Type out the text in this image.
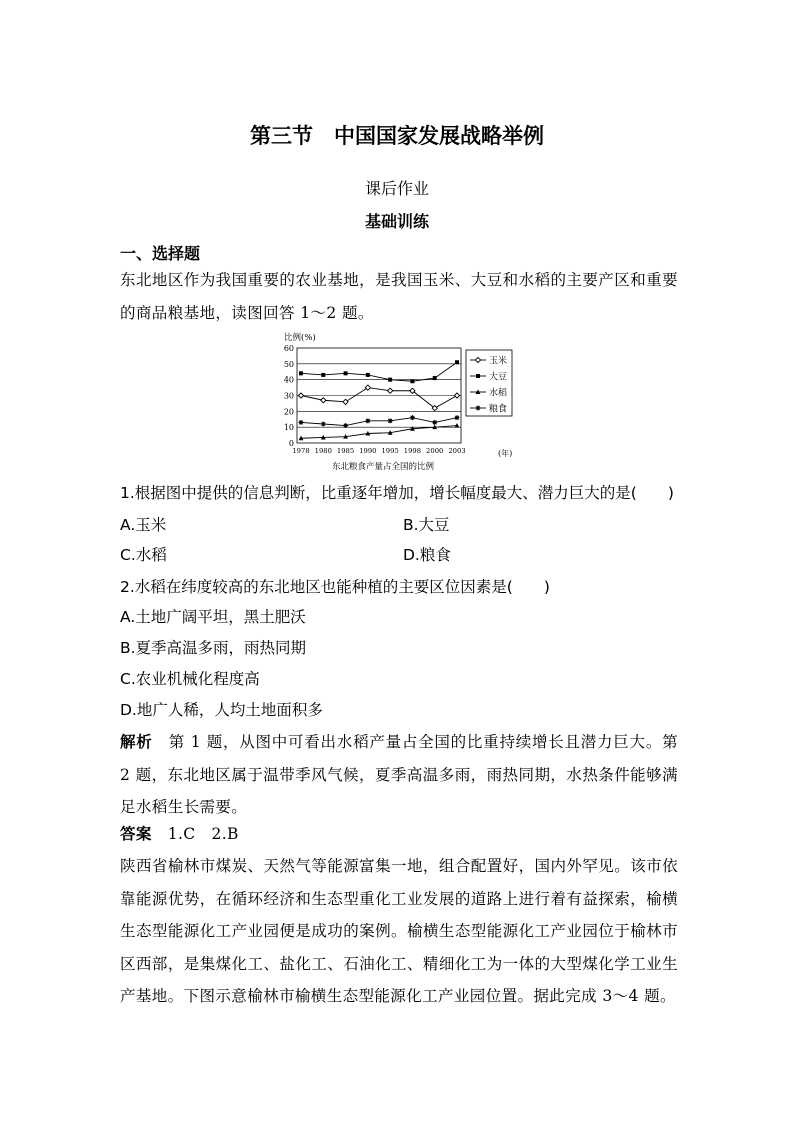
第三节　中国国家发展战略举例
课后作业
基础训练
一、选择题
东北地区作为我国重要的农业基地，是我国玉米、大豆和水稻的主要产区和重要的商品粮基地，读图回答 1～2 题。
比例(%)
60
50
40
30
20
10
0
1978 1980 1985 1990 1995 1998 2000 2003
玉米
大豆
水稻
粮食
(年)
东北粮食产量占全国的比例
1.根据图中提供的信息判断，比重逐年增加，增长幅度最大、潜力巨大的是(　　)
A.玉米	B.大豆
C.水稻	D.粮食
2.水稻在纬度较高的东北地区也能种植的主要区位因素是(　　)
A.土地广阔平坦，黑土肥沃
B.夏季高温多雨，雨热同期
C.农业机械化程度高
D.地广人稀，人均土地面积多
解析　第 1 题，从图中可看出水稻产量占全国的比重持续增长且潜力巨大。第 2 题，东北地区属于温带季风气候，夏季高温多雨，雨热同期，水热条件能够满足水稻生长需要。
答案　1.C　2.B
陕西省榆林市煤炭、天然气等能源富集一地，组合配置好，国内外罕见。该市依靠能源优势，在循环经济和生态型重化工业发展的道路上进行着有益探索，榆横生态型能源化工产业园便是成功的案例。榆横生态型能源化工产业园位于榆林市区西部，是集煤化工、盐化工、石油化工、精细化工为一体的大型煤化学工业生产基地。下图示意榆林市榆横生态型能源化工产业园位置。据此完成 3～4 题。
